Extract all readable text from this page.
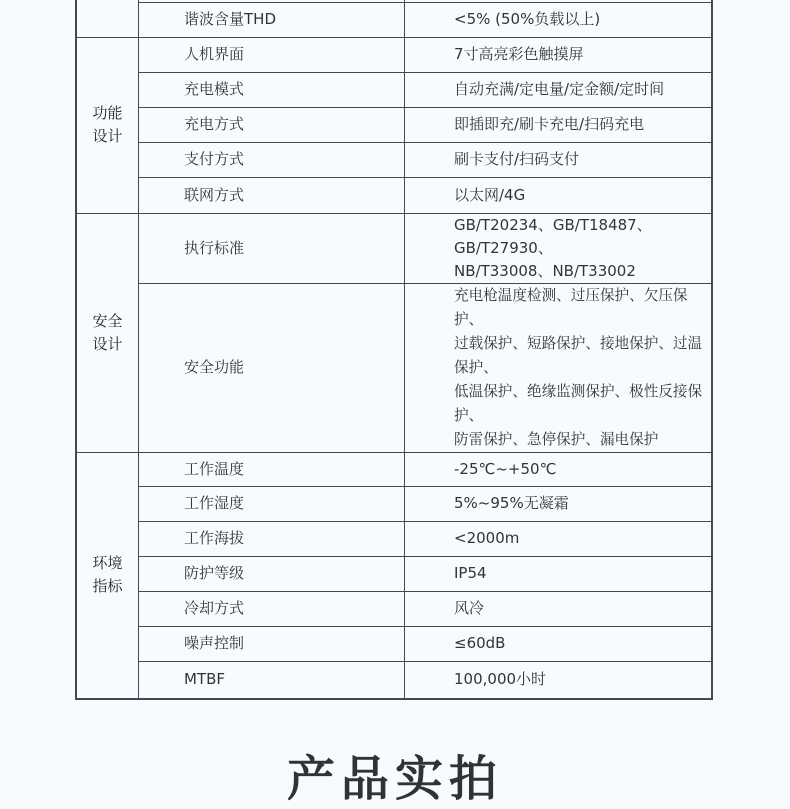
	谐波含量THD	<5% (50%负载以上)

功能
设计	人机界面	7寸高亮彩色触摸屏
	充电模式	自动充满/定电量/定金额/定时间
	充电方式	即插即充/刷卡充电/扫码充电
	支付方式	刷卡支付/扫码支付
	联网方式	以太网/4G
安全
设计	执行标准	GB/T20234、GB/T18487、GB/T27930、
NB/T33008、NB/T33002

	安全功能	充电枪温度检测、过压保护、欠压保护、
过载保护、短路保护、接地保护、过温保护、
低温保护、绝缘监测保护、极性反接保护、
防雷保护、急停保护、漏电保护

环境
指标	工作温度	-25℃~+50℃
	工作湿度	5%~95%无凝霜
	工作海拔	<2000m
	防护等级	IP54
	冷却方式	风冷
	噪声控制	≤60dB
	MTBF	100,000小时
产品实拍
